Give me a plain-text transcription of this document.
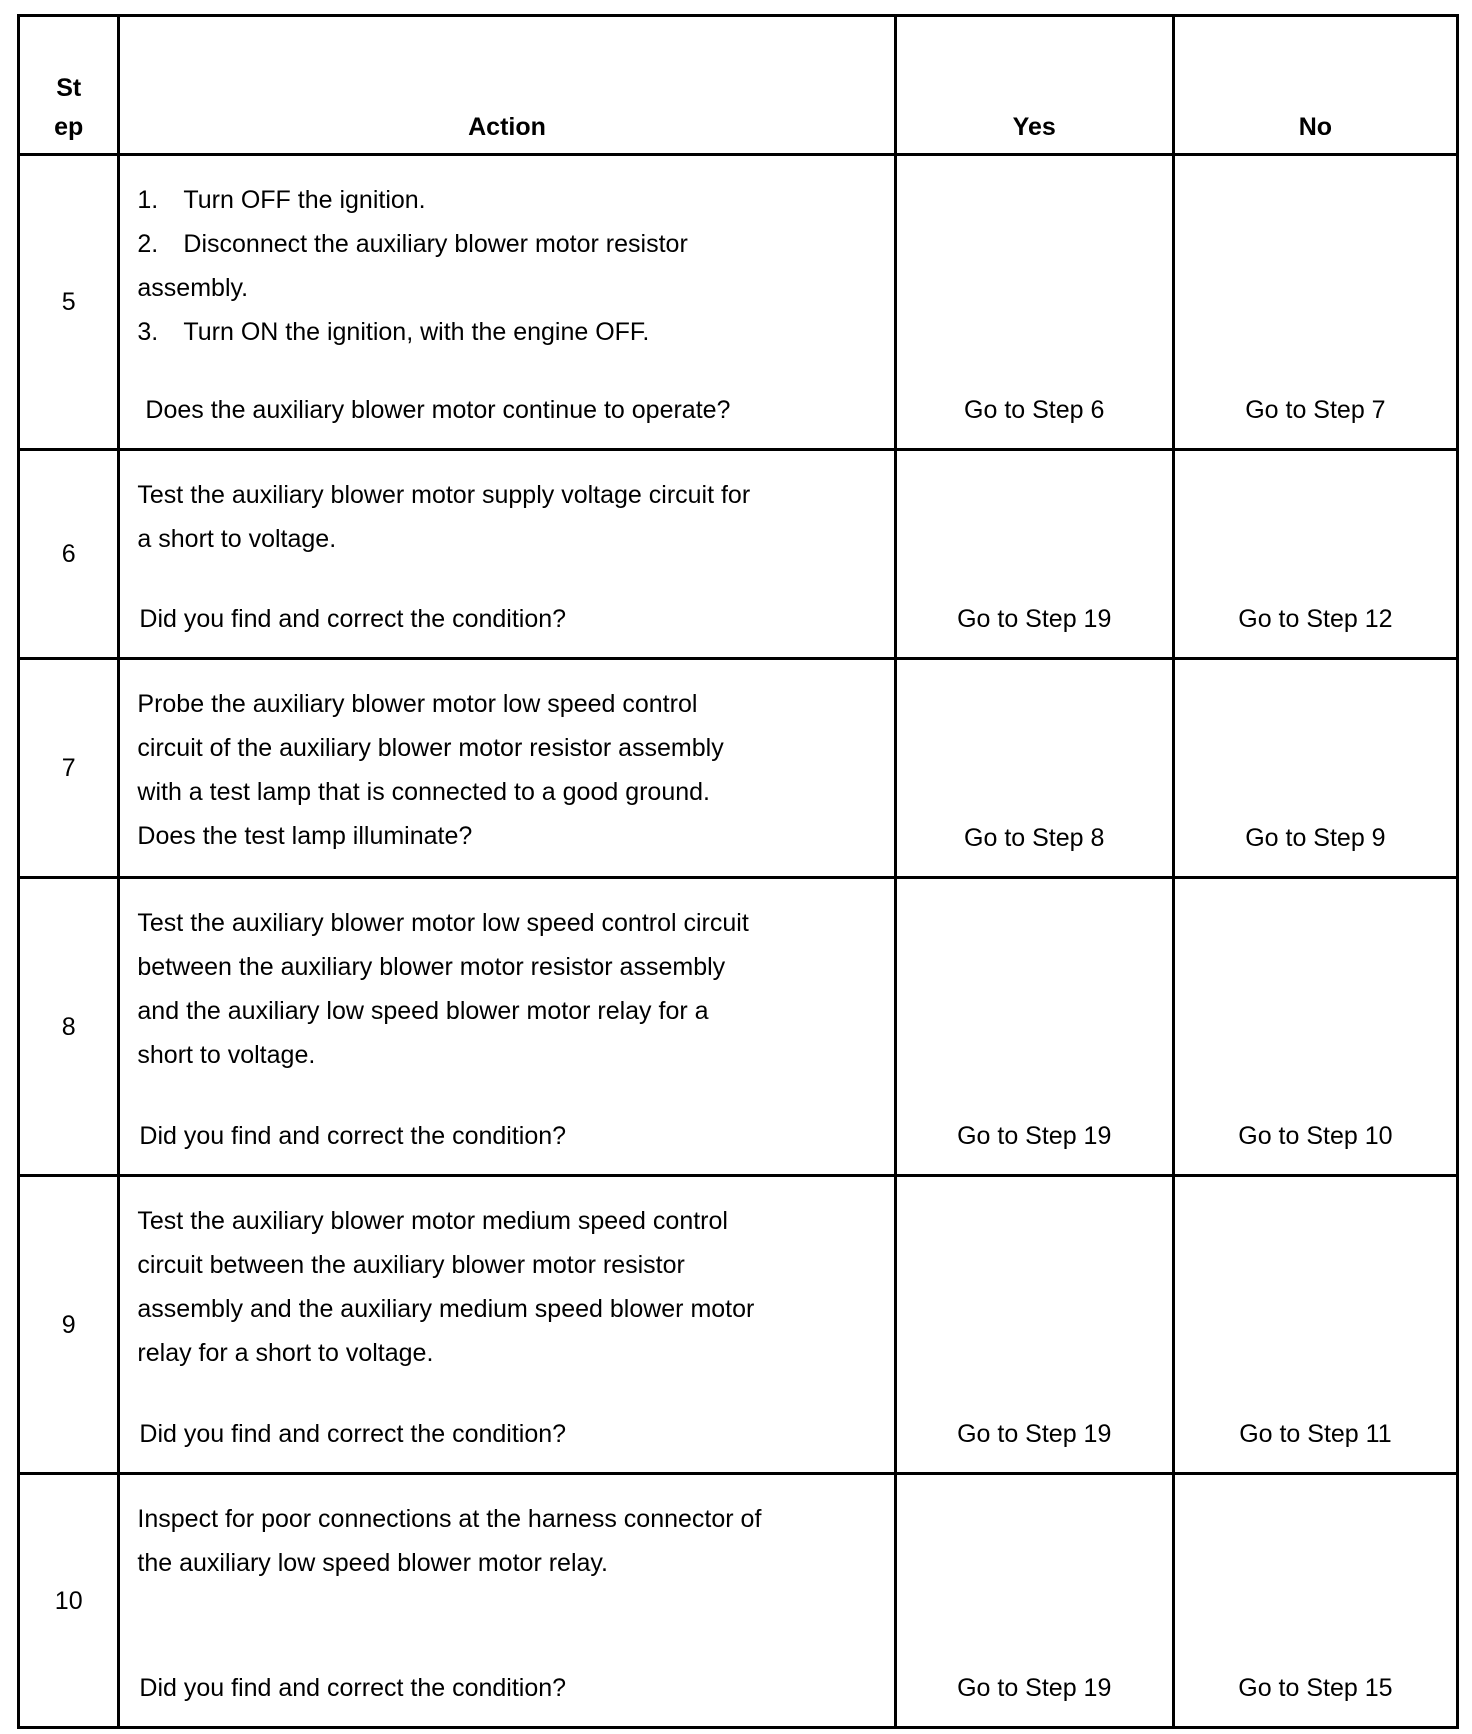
St
ep	Action	Yes	No
5	1. Turn OFF the ignition.
2. Disconnect the auxiliary blower motor resistor
assembly.
3. Turn ON the ignition, with the engine OFF.
Does the auxiliary blower motor continue to operate?	Go to Step 6	Go to Step 7
6	Test the auxiliary blower motor supply voltage circuit for
a short to voltage.
Did you find and correct the condition?	Go to Step 19	Go to Step 12
7	Probe the auxiliary blower motor low speed control
circuit of the auxiliary blower motor resistor assembly
with a test lamp that is connected to a good ground.
Does the test lamp illuminate?	Go to Step 8	Go to Step 9
8	Test the auxiliary blower motor low speed control circuit
between the auxiliary blower motor resistor assembly
and the auxiliary low speed blower motor relay for a
short to voltage.
Did you find and correct the condition?	Go to Step 19	Go to Step 10
9	Test the auxiliary blower motor medium speed control
circuit between the auxiliary blower motor resistor
assembly and the auxiliary medium speed blower motor
relay for a short to voltage.
Did you find and correct the condition?	Go to Step 19	Go to Step 11
10	Inspect for poor connections at the harness connector of
the auxiliary low speed blower motor relay.
Did you find and correct the condition?	Go to Step 19	Go to Step 15
